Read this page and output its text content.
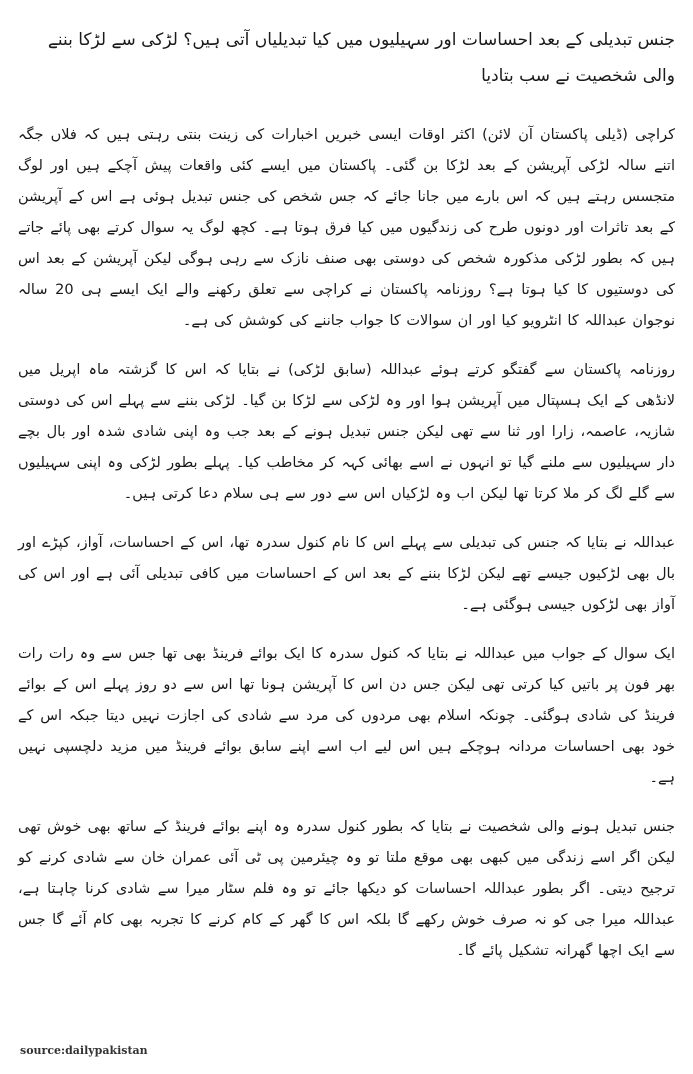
جنس تبدیلی کے بعد احساسات اور سہیلیوں میں کیا تبدیلیاں آتی ہیں؟ لڑکی سے لڑکا بننے والی شخصیت نے سب بتادیا

کراچی (ڈیلی پاکستان آن لائن) اکثر اوقات ایسی خبریں اخبارات کی زینت بنتی رہتی ہیں کہ فلاں جگہ اتنے سالہ لڑکی آپریشن کے بعد لڑکا بن گئی۔ پاکستان میں ایسے کئی واقعات پیش آچکے ہیں اور لوگ متجسس رہتے ہیں کہ اس بارے میں جانا جائے کہ جس شخص کی جنس تبدیل ہوئی ہے اس کے آپریشن کے بعد تاثرات اور دونوں طرح کی زندگیوں میں کیا فرق ہوتا ہے۔ کچھ لوگ یہ سوال کرتے بھی پائے جاتے ہیں کہ بطور لڑکی مذکورہ شخص کی دوستی بھی صنف نازک سے رہی ہوگی لیکن آپریشن کے بعد اس کی دوستیوں کا کیا ہوتا ہے؟ روزنامہ پاکستان نے کراچی سے تعلق رکھنے والے ایک ایسے ہی 20 سالہ نوجوان عبداللہ کا انٹرویو کیا اور ان سوالات کا جواب جاننے کی کوشش کی ہے۔

روزنامہ پاکستان سے گفتگو کرتے ہوئے عبداللہ (سابق لڑکی) نے بتایا کہ اس کا گزشتہ ماہ اپریل میں لانڈھی کے ایک ہسپتال میں آپریشن ہوا اور وہ لڑکی سے لڑکا بن گیا۔ لڑکی بننے سے پہلے اس کی دوستی شازیہ، عاصمہ، زارا اور ثنا سے تھی لیکن جنس تبدیل ہونے کے بعد جب وہ اپنی شادی شدہ اور بال بچے دار سہیلیوں سے ملنے گیا تو انہوں نے اسے بھائی کہہ کر مخاطب کیا۔ پہلے بطور لڑکی وہ اپنی سہیلیوں سے گلے لگ کر ملا کرتا تھا لیکن اب وہ لڑکیاں اس سے دور سے ہی سلام دعا کرتی ہیں۔

عبداللہ نے بتایا کہ جنس کی تبدیلی سے پہلے اس کا نام کنول سدرہ تھا، اس کے احساسات، آواز، کپڑے اور بال بھی لڑکیوں جیسے تھے لیکن لڑکا بننے کے بعد اس کے احساسات میں کافی تبدیلی آئی ہے اور اس کی آواز بھی لڑکوں جیسی ہوگئی ہے۔

ایک سوال کے جواب میں عبداللہ نے بتایا کہ کنول سدرہ کا ایک بوائے فرینڈ بھی تھا جس سے وہ رات رات بھر فون پر باتیں کیا کرتی تھی لیکن جس دن اس کا آپریشن ہونا تھا اس سے دو روز پہلے اس کے بوائے فرینڈ کی شادی ہوگئی۔ چونکہ اسلام بھی مردوں کی مرد سے شادی کی اجازت نہیں دیتا جبکہ اس کے خود بھی احساسات مردانہ ہوچکے ہیں اس لیے اب اسے اپنے سابق بوائے فرینڈ میں مزید دلچسپی نہیں ہے۔

جنس تبدیل ہونے والی شخصیت نے بتایا کہ بطور کنول سدرہ وہ اپنے بوائے فرینڈ کے ساتھ بھی خوش تھی لیکن اگر اسے زندگی میں کبھی بھی موقع ملتا تو وہ چیئرمین پی ٹی آئی عمران خان سے شادی کرنے کو ترجیح دیتی۔ اگر بطور عبداللہ احساسات کو دیکھا جائے تو وہ فلم سٹار میرا سے شادی کرنا چاہتا ہے، عبداللہ میرا جی کو نہ صرف خوش رکھے گا بلکہ اس کا گھر کے کام کرنے کا تجربہ بھی کام آئے گا جس سے ایک اچھا گھرانہ تشکیل پائے گا۔

source:dailypakistan
